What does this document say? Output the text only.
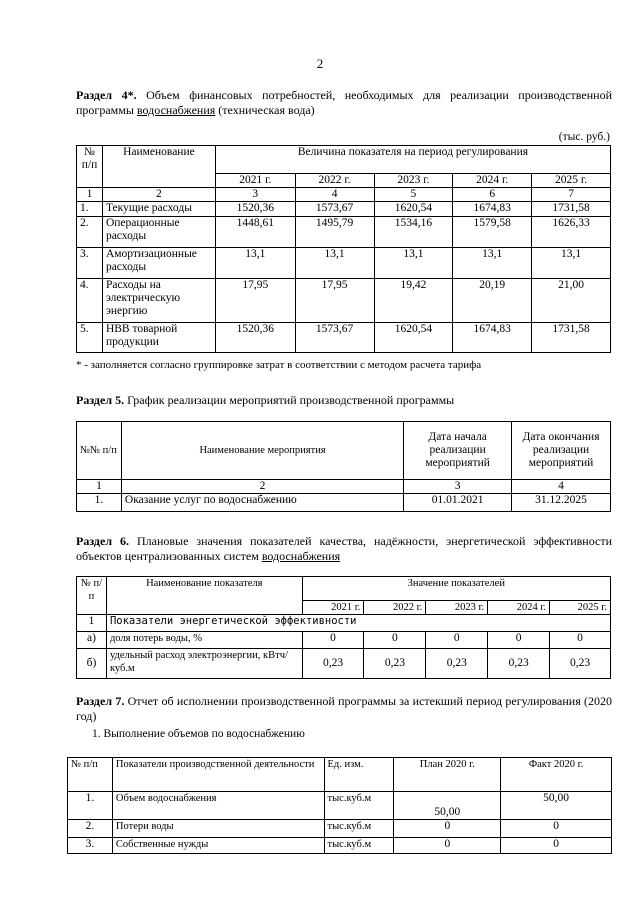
2
Раздел 4*. Объем финансовых потребностей, необходимых для реализации производственной программы водоснабжения (техническая вода)
(тыс. руб.)
№ п/п	Наименование	Величина показателя на период регулирования				
		2021 г.	2022 г.	2023 г.	2024 г.	2025 г.
1	2	3	4	5	6	7
1.	Текущие расходы	1520,36	1573,67	1620,54	1674,83	1731,58
2.	Операционные расходы	1448,61	1495,79	1534,16	1579,58	1626,33
3.	Амортизационные расходы	13,1	13,1	13,1	13,1	13,1
4.	Расходы на электрическую энергию	17,95	17,95	19,42	20,19	21,00
5.	НВВ товарной продукции	1520,36	1573,67	1620,54	1674,83	1731,58
* - заполняется согласно группировке затрат в соответствии с методом расчета тарифа
Раздел 5. График реализации мероприятий производственной программы
№№ п/п	Наименование мероприятия	Дата начала реализации мероприятий	Дата окончания реализации мероприятий
1	2	3	4
1.	Оказание услуг по водоснабжению	01.01.2021	31.12.2025
Раздел 6. Плановые значения показателей качества, надёжности, энергетической эффективности объектов централизованных систем водоснабжения
№ п/п	Наименование показателя	Значение показателей				
		2021 г.	2022 г.	2023 г.	2024 г.	2025 г.
1	Показатели энергетической эффективности					
а)	доля потерь воды, %	0	0	0	0	0
б)	удельный расход электроэнергии, кВтч/куб.м	0,23	0,23	0,23	0,23	0,23
Раздел 7. Отчет об исполнении производственной программы за истекший период регулирования (2020 год)
1. Выполнение объемов по водоснабжению
№ п/п	Показатели производственной деятельности	Ед. изм.	План 2020 г.	Факт 2020 г.
1.	Объем водоснабжения	тыс.куб.м	50,00	50,00
2.	Потери воды	тыс.куб.м	0	0
3.	Собственные нужды	тыс.куб.м	0	0
